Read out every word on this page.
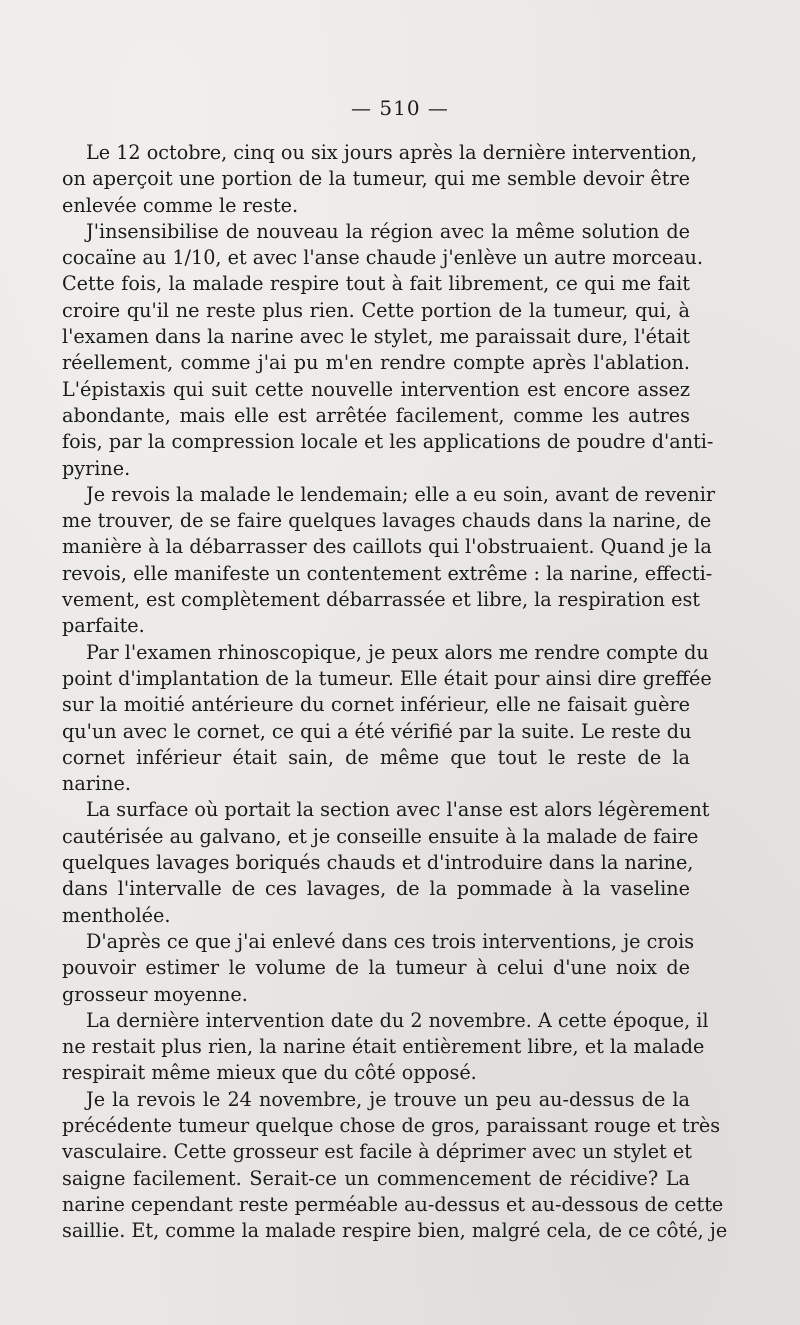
— 510 —
Le 12 octobre, cinq ou six jours après la dernière intervention,
on aperçoit une portion de la tumeur, qui me semble devoir être
enlevée comme le reste.
J'insensibilise de nouveau la région avec la même solution de
cocaïne au 1/10, et avec l'anse chaude j'enlève un autre morceau.
Cette fois, la malade respire tout à fait librement, ce qui me fait
croire qu'il ne reste plus rien. Cette portion de la tumeur, qui, à
l'examen dans la narine avec le stylet, me paraissait dure, l'était
réellement, comme j'ai pu m'en rendre compte après l'ablation.
L'épistaxis qui suit cette nouvelle intervention est encore assez
abondante, mais elle est arrêtée facilement, comme les autres
fois, par la compression locale et les applications de poudre d'anti-
pyrine.
Je revois la malade le lendemain; elle a eu soin, avant de revenir
me trouver, de se faire quelques lavages chauds dans la narine, de
manière à la débarrasser des caillots qui l'obstruaient. Quand je la
revois, elle manifeste un contentement extrême : la narine, effecti-
vement, est complètement débarrassée et libre, la respiration est
parfaite.
Par l'examen rhinoscopique, je peux alors me rendre compte du
point d'implantation de la tumeur. Elle était pour ainsi dire greffée
sur la moitié antérieure du cornet inférieur, elle ne faisait guère
qu'un avec le cornet, ce qui a été vérifié par la suite. Le reste du
cornet inférieur était sain, de même que tout le reste de la
narine.
La surface où portait la section avec l'anse est alors légèrement
cautérisée au galvano, et je conseille ensuite à la malade de faire
quelques lavages boriqués chauds et d'introduire dans la narine,
dans l'intervalle de ces lavages, de la pommade à la vaseline
mentholée.
D'après ce que j'ai enlevé dans ces trois interventions, je crois
pouvoir estimer le volume de la tumeur à celui d'une noix de
grosseur moyenne.
La dernière intervention date du 2 novembre. A cette époque, il
ne restait plus rien, la narine était entièrement libre, et la malade
respirait même mieux que du côté opposé.
Je la revois le 24 novembre, je trouve un peu au-dessus de la
précédente tumeur quelque chose de gros, paraissant rouge et très
vasculaire. Cette grosseur est facile à déprimer avec un stylet et
saigne facilement. Serait-ce un commencement de récidive? La
narine cependant reste perméable au-dessus et au-dessous de cette
saillie. Et, comme la malade respire bien, malgré cela, de ce côté, je
